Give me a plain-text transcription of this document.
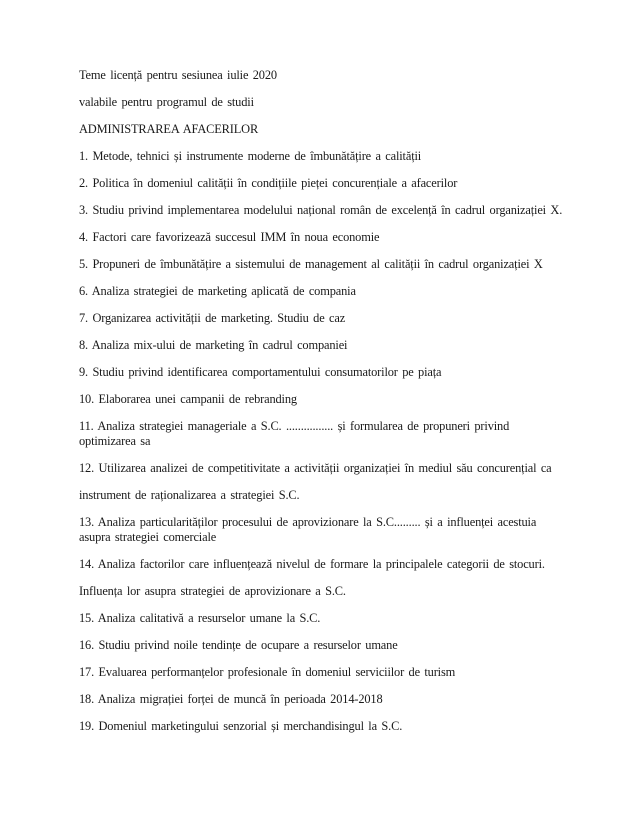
Teme licență pentru sesiunea iulie 2020
valabile pentru programul de studii
ADMINISTRAREA AFACERILOR
1. Metode, tehnici și instrumente moderne de îmbunătățire a calității
2. Politica în domeniul calității în condițiile pieței concurențiale a afacerilor
3. Studiu privind implementarea modelului național român de excelență în cadrul organizației X.
4. Factori care favorizează succesul IMM în noua economie
5. Propuneri de îmbunătățire a sistemului de management al calității în cadrul organizației X
6. Analiza strategiei de marketing aplicată de compania
7. Organizarea activității de marketing. Studiu de caz
8. Analiza mix-ului de marketing în cadrul companiei
9. Studiu privind identificarea comportamentului consumatorilor pe piața
10. Elaborarea unei campanii de rebranding
11. Analiza strategiei manageriale a S.C. ................ și formularea de propuneri privind
optimizarea sa
12. Utilizarea analizei de competitivitate a activității organizației în mediul său concurențial ca
instrument de raționalizarea a strategiei S.C.
13. Analiza particularităților procesului de aprovizionare la S.C......... și a influenței acestuia
asupra strategiei comerciale
14. Analiza factorilor care influențează nivelul de formare la principalele categorii de stocuri.
Influența lor asupra strategiei de aprovizionare a S.C.
15. Analiza calitativă a resurselor umane la S.C.
16. Studiu privind noile tendințe de ocupare a resurselor umane
17. Evaluarea performanțelor profesionale în domeniul serviciilor de turism
18. Analiza migrației forței de muncă în perioada 2014-2018
19. Domeniul marketingului senzorial și merchandisingul la S.C.
